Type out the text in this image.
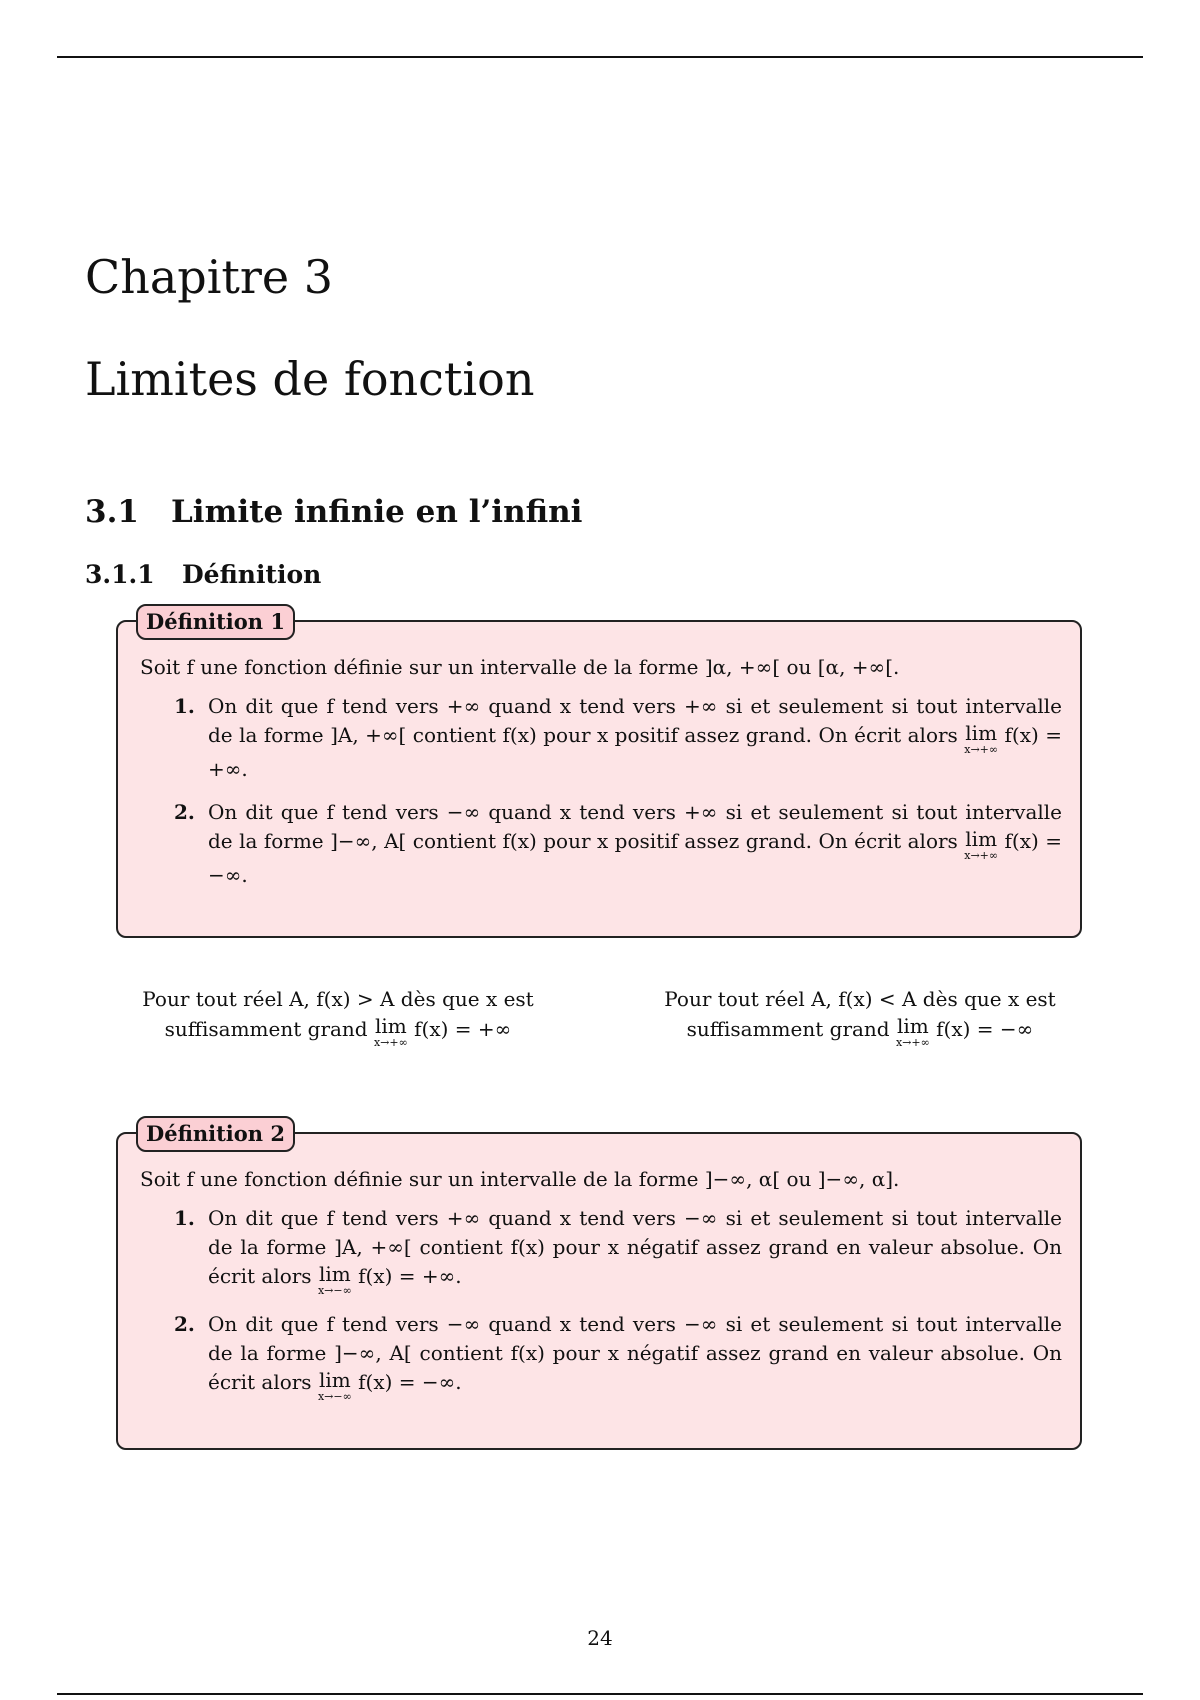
Chapitre 3
Limites de fonction
3.1 Limite infinie en l’infini
3.1.1 Définition
Définition 1
Soit f une fonction définie sur un intervalle de la forme ]α, +∞[ ou [α, +∞[.
1. On dit que f tend vers +∞ quand x tend vers +∞ si et seulement si tout intervalle de la forme ]A, +∞[ contient f(x) pour x positif assez grand. On écrit alors lim
x→+∞
f(x) = +∞.
2. On dit que f tend vers −∞ quand x tend vers +∞ si et seulement si tout intervalle de la forme ]−∞, A[ contient f(x) pour x positif assez grand. On écrit alors lim
x→+∞
f(x) = −∞.
Pour tout réel A, f(x) > A dès que x est
suffisamment grand lim
x→+∞
f(x) = +∞
Pour tout réel A, f(x) < A dès que x est
suffisamment grand lim
x→+∞
f(x) = −∞
Définition 2
Soit f une fonction définie sur un intervalle de la forme ]−∞, α[ ou ]−∞, α].
1. On dit que f tend vers +∞ quand x tend vers −∞ si et seulement si tout intervalle de la forme ]A, +∞[ contient f(x) pour x négatif assez grand en valeur absolue. On écrit alors lim
x→−∞
f(x) = +∞.
2. On dit que f tend vers −∞ quand x tend vers −∞ si et seulement si tout intervalle de la forme ]−∞, A[ contient f(x) pour x négatif assez grand en valeur absolue. On écrit alors lim
x→−∞
f(x) = −∞.
24
